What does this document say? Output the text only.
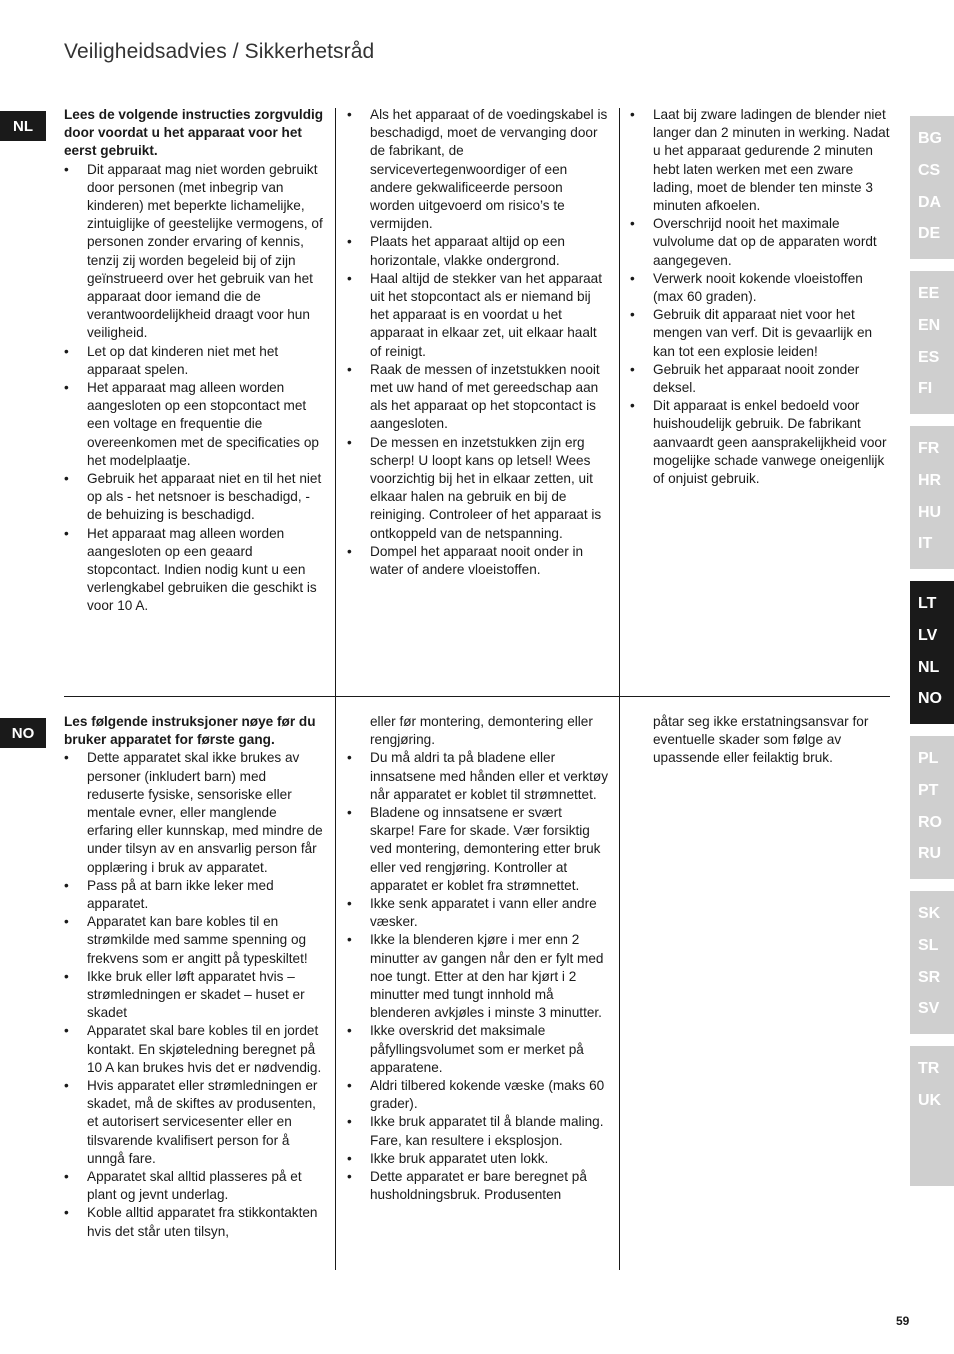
Veiligheidsadvies / Sikkerhetsråd
NL

Lees de volgende instructies zorgvuldig door voordat u het apparaat voor het eerst gebruikt.

• Dit apparaat mag niet worden gebruikt door personen (met inbegrip van kinderen) met beperkte lichamelijke, zintuiglijke of geestelijke vermogens, of personen zonder ervaring of kennis, tenzij zij worden begeleid bij of zijn geïnstrueerd over het gebruik van het apparaat door iemand die de verantwoordelijkheid draagt voor hun veiligheid.
• Let op dat kinderen niet met het apparaat spelen.
• Het apparaat mag alleen worden aangesloten op een stopcontact met een voltage en frequentie die overeenkomen met de specificaties op het modelplaatje.
• Gebruik het apparaat niet en til het niet op als - het netsnoer is beschadigd, - de behuizing is beschadigd.
• Het apparaat mag alleen worden aangesloten op een geaard stopcontact. Indien nodig kunt u een verlengkabel gebruiken die geschikt is voor 10 A.
• Als het apparaat of de voedingskabel is beschadigd, moet de vervanging door de fabrikant, de servicevertegenwoordiger of een andere gekwalificeerde persoon worden uitgevoerd om risico’s te vermijden.
• Plaats het apparaat altijd op een horizontale, vlakke ondergrond.
• Haal altijd de stekker van het apparaat uit het stopcontact als er niemand bij het apparaat is en voordat u het apparaat in elkaar zet, uit elkaar haalt of reinigt.
• Raak de messen of inzetstukken nooit met uw hand of met gereedschap aan als het apparaat op het stopcontact is aangesloten.
• De messen en inzetstukken zijn erg scherp! U loopt kans op letsel! Wees voorzichtig bij het in elkaar zetten, uit elkaar halen na gebruik en bij de reiniging. Controleer of het apparaat is ontkoppeld van de netspanning.
• Dompel het apparaat nooit onder in water of andere vloeistoffen.
• Laat bij zware ladingen de blender niet langer dan 2 minuten in werking. Nadat u het apparaat gedurende 2 minuten hebt laten werken met een zware lading, moet de blender ten minste 3 minuten afkoelen.
• Overschrijd nooit het maximale vulvolume dat op de apparaten wordt aangegeven.
• Verwerk nooit kokende vloeistoffen (max 60 graden).
• Gebruik dit apparaat niet voor het mengen van verf. Dit is gevaarlijk en kan tot een explosie leiden!
• Gebruik het apparaat nooit zonder deksel.
• Dit apparaat is enkel bedoeld voor huishoudelijk gebruik. De fabrikant aanvaardt geen aansprakelijkheid voor mogelijke schade vanwege oneigenlijk of onjuist gebruik.
NO

Les følgende instruksjoner nøye før du bruker apparatet for første gang.

• Dette apparatet skal ikke brukes av personer (inkludert barn) med reduserte fysiske, sensoriske eller mentale evner, eller manglende erfaring eller kunnskap, med mindre de under tilsyn av en ansvarlig person får opplæring i bruk av apparatet.
• Pass på at barn ikke leker med apparatet.
• Apparatet kan bare kobles til en strømkilde med samme spenning og frekvens som er angitt på typeskiltet!
• Ikke bruk eller løft apparatet hvis – strømledningen er skadet – huset er skadet
• Apparatet skal bare kobles til en jordet kontakt. En skjøteledning beregnet på 10 A kan brukes hvis det er nødvendig.
• Hvis apparatet eller strømledningen er skadet, må de skiftes av produsenten, et autorisert servicesenter eller en tilsvarende kvalifisert person for å unngå fare.
• Apparatet skal alltid plasseres på et plant og jevnt underlag.
• Koble alltid apparatet fra stikkontakten hvis det står uten tilsyn,

eller før montering, demontering eller rengjøring.

• Du må aldri ta på bladene eller innsatsene med hånden eller et verktøy når apparatet er koblet til strømnettet.
• Bladene og innsatsene er svært skarpe! Fare for skade. Vær forsiktig ved montering, demontering etter bruk eller ved rengjøring. Kontroller at apparatet er koblet fra strømnettet.
• Ikke senk apparatet i vann eller andre væsker.
• Ikke la blenderen kjøre i mer enn 2 minutter av gangen når den er fylt med noe tungt. Etter at den har kjørt i 2 minutter med tungt innhold må blenderen avkjøles i minste 3 minutter.
• Ikke overskrid det maksimale påfyllingsvolumet som er merket på apparatene.
• Aldri tilbered kokende væske (maks 60 grader).
• Ikke bruk apparatet til å blande maling. Fare, kan resultere i eksplosjon.
• Ikke bruk apparatet uten lokk.
• Dette apparatet er bare beregnet på husholdningsbruk. Produsenten

påtar seg ikke erstatningsansvar for eventuelle skader som følge av upassende eller feilaktig bruk.

BG
CS
DA
DE
EE
EN
ES
FI
FR
HR
HU
IT
LT
LV
NL
NO
PL
PT
RO
RU
SK
SL
SR
SV
TR
UK
59
